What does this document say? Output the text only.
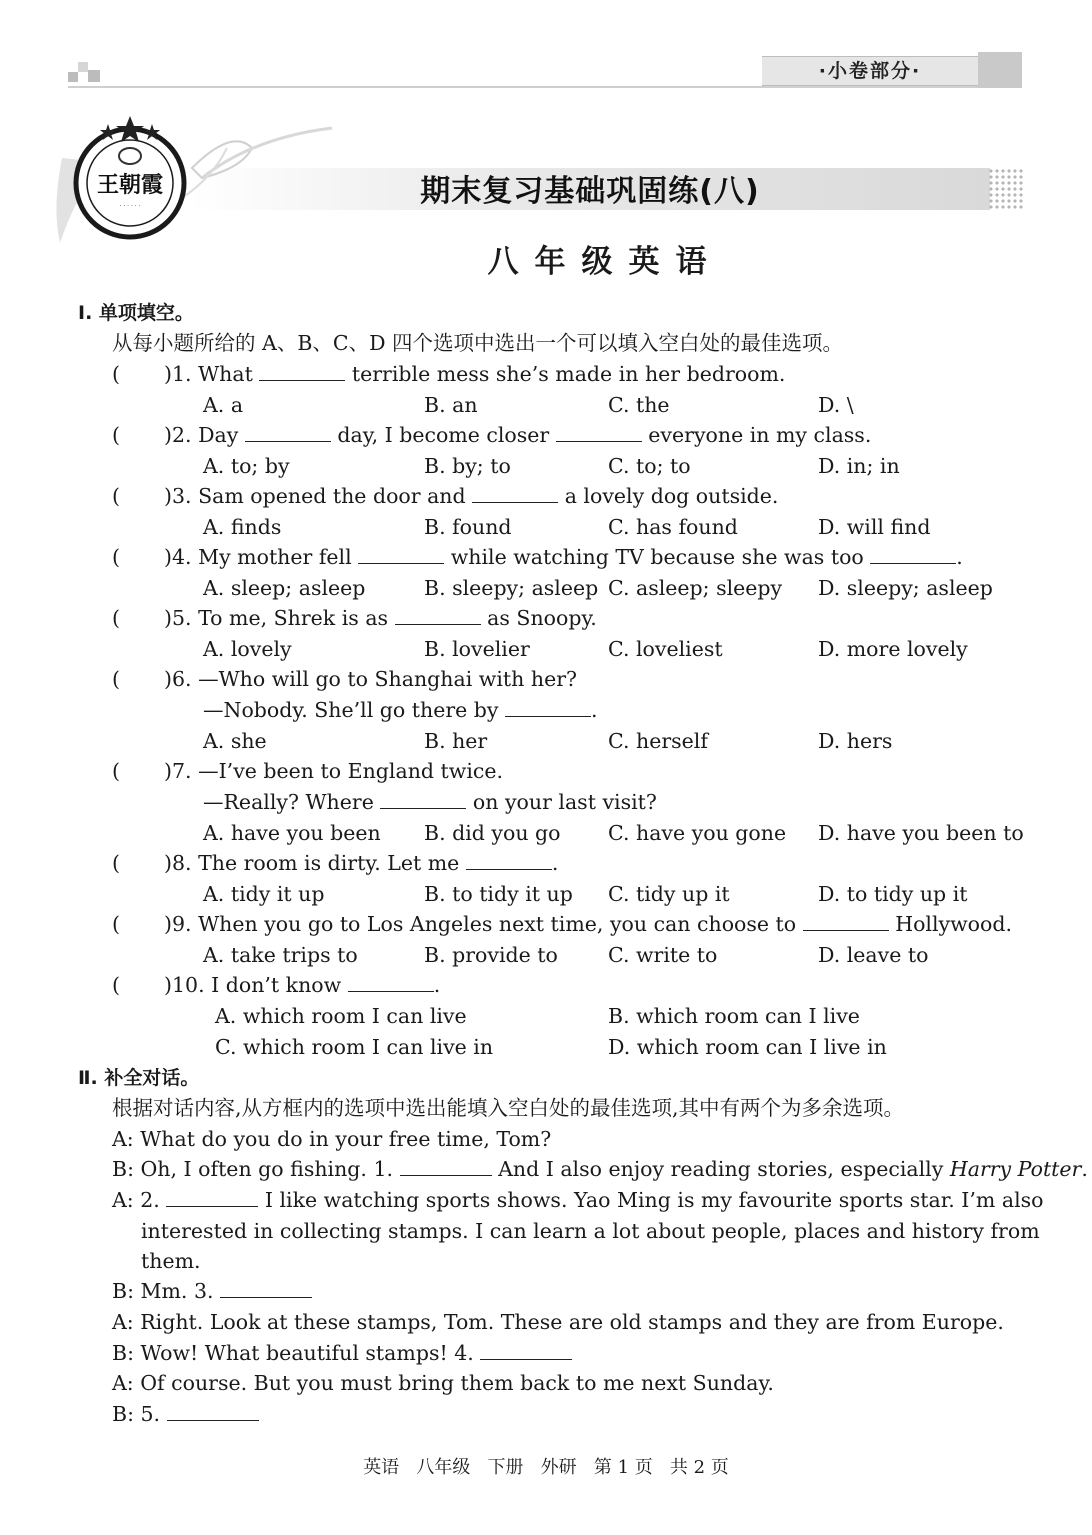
·小卷部分·
期末复习基础巩固练(八)
王朝霞
· · · · · ·
八年级英语
Ⅰ. 单项填空。
从每小题所给的 A、B、C、D 四个选项中选出一个可以填入空白处的最佳选项。
( )1. What	terrible mess she’s made in her bedroom.
A. a	B. an	C. the	D. \
( )2. Day	day, I become closer	everyone in my class.
A. to; by	B. by; to	C. to; to	D. in; in
( )3. Sam opened the door and	a lovely dog outside.
A. finds	B. found	C. has found	D. will find
( )4. My mother fell	while watching TV because she was too	.
A. sleep; asleep	B. sleepy; asleep C. asleep; sleepy D. sleepy; asleep
( )5. To me, Shrek is as	as Snoopy.
A. lovely	B. lovelier	C. loveliest	D. more lovely
( )6. —Who will go to Shanghai with her?
—Nobody. She’ll go there by	.
A. she	B. her	C. herself	D. hers
( )7. —I’ve been to England twice.
—Really? Where	on your last visit?
A. have you been B. did you go C. have you gone D. have you been to
( )8. The room is dirty. Let me	.
A. tidy it up	B. to tidy it up C. tidy up it	D. to tidy up it
( )9. When you go to Los Angeles next time, you can choose to	Hollywood.
A. take trips to	B. provide to C. write to	D. leave to
( )10. I don’t know	.
A. which room I can live	B. which room can I live
C. which room I can live in	D. which room can I live in
Ⅱ. 补全对话。
根据对话内容,从方框内的选项中选出能填入空白处的最佳选项,其中有两个为多余选项。
A: What do you do in your free time, Tom?
B: Oh, I often go fishing. 1.	And I also enjoy reading stories, especially Harry Potter.
A: 2.	I like watching sports shows. Yao Ming is my favourite sports star. I’m also
interested in collecting stamps. I can learn a lot about people, places and history from
them.
B: Mm. 3.
A: Right. Look at these stamps, Tom. These are old stamps and they are from Europe.
B: Wow! What beautiful stamps! 4.
A: Of course. But you must bring them back to me next Sunday.
B: 5.
英语   八年级   下册   外研   第 1 页   共 2 页
